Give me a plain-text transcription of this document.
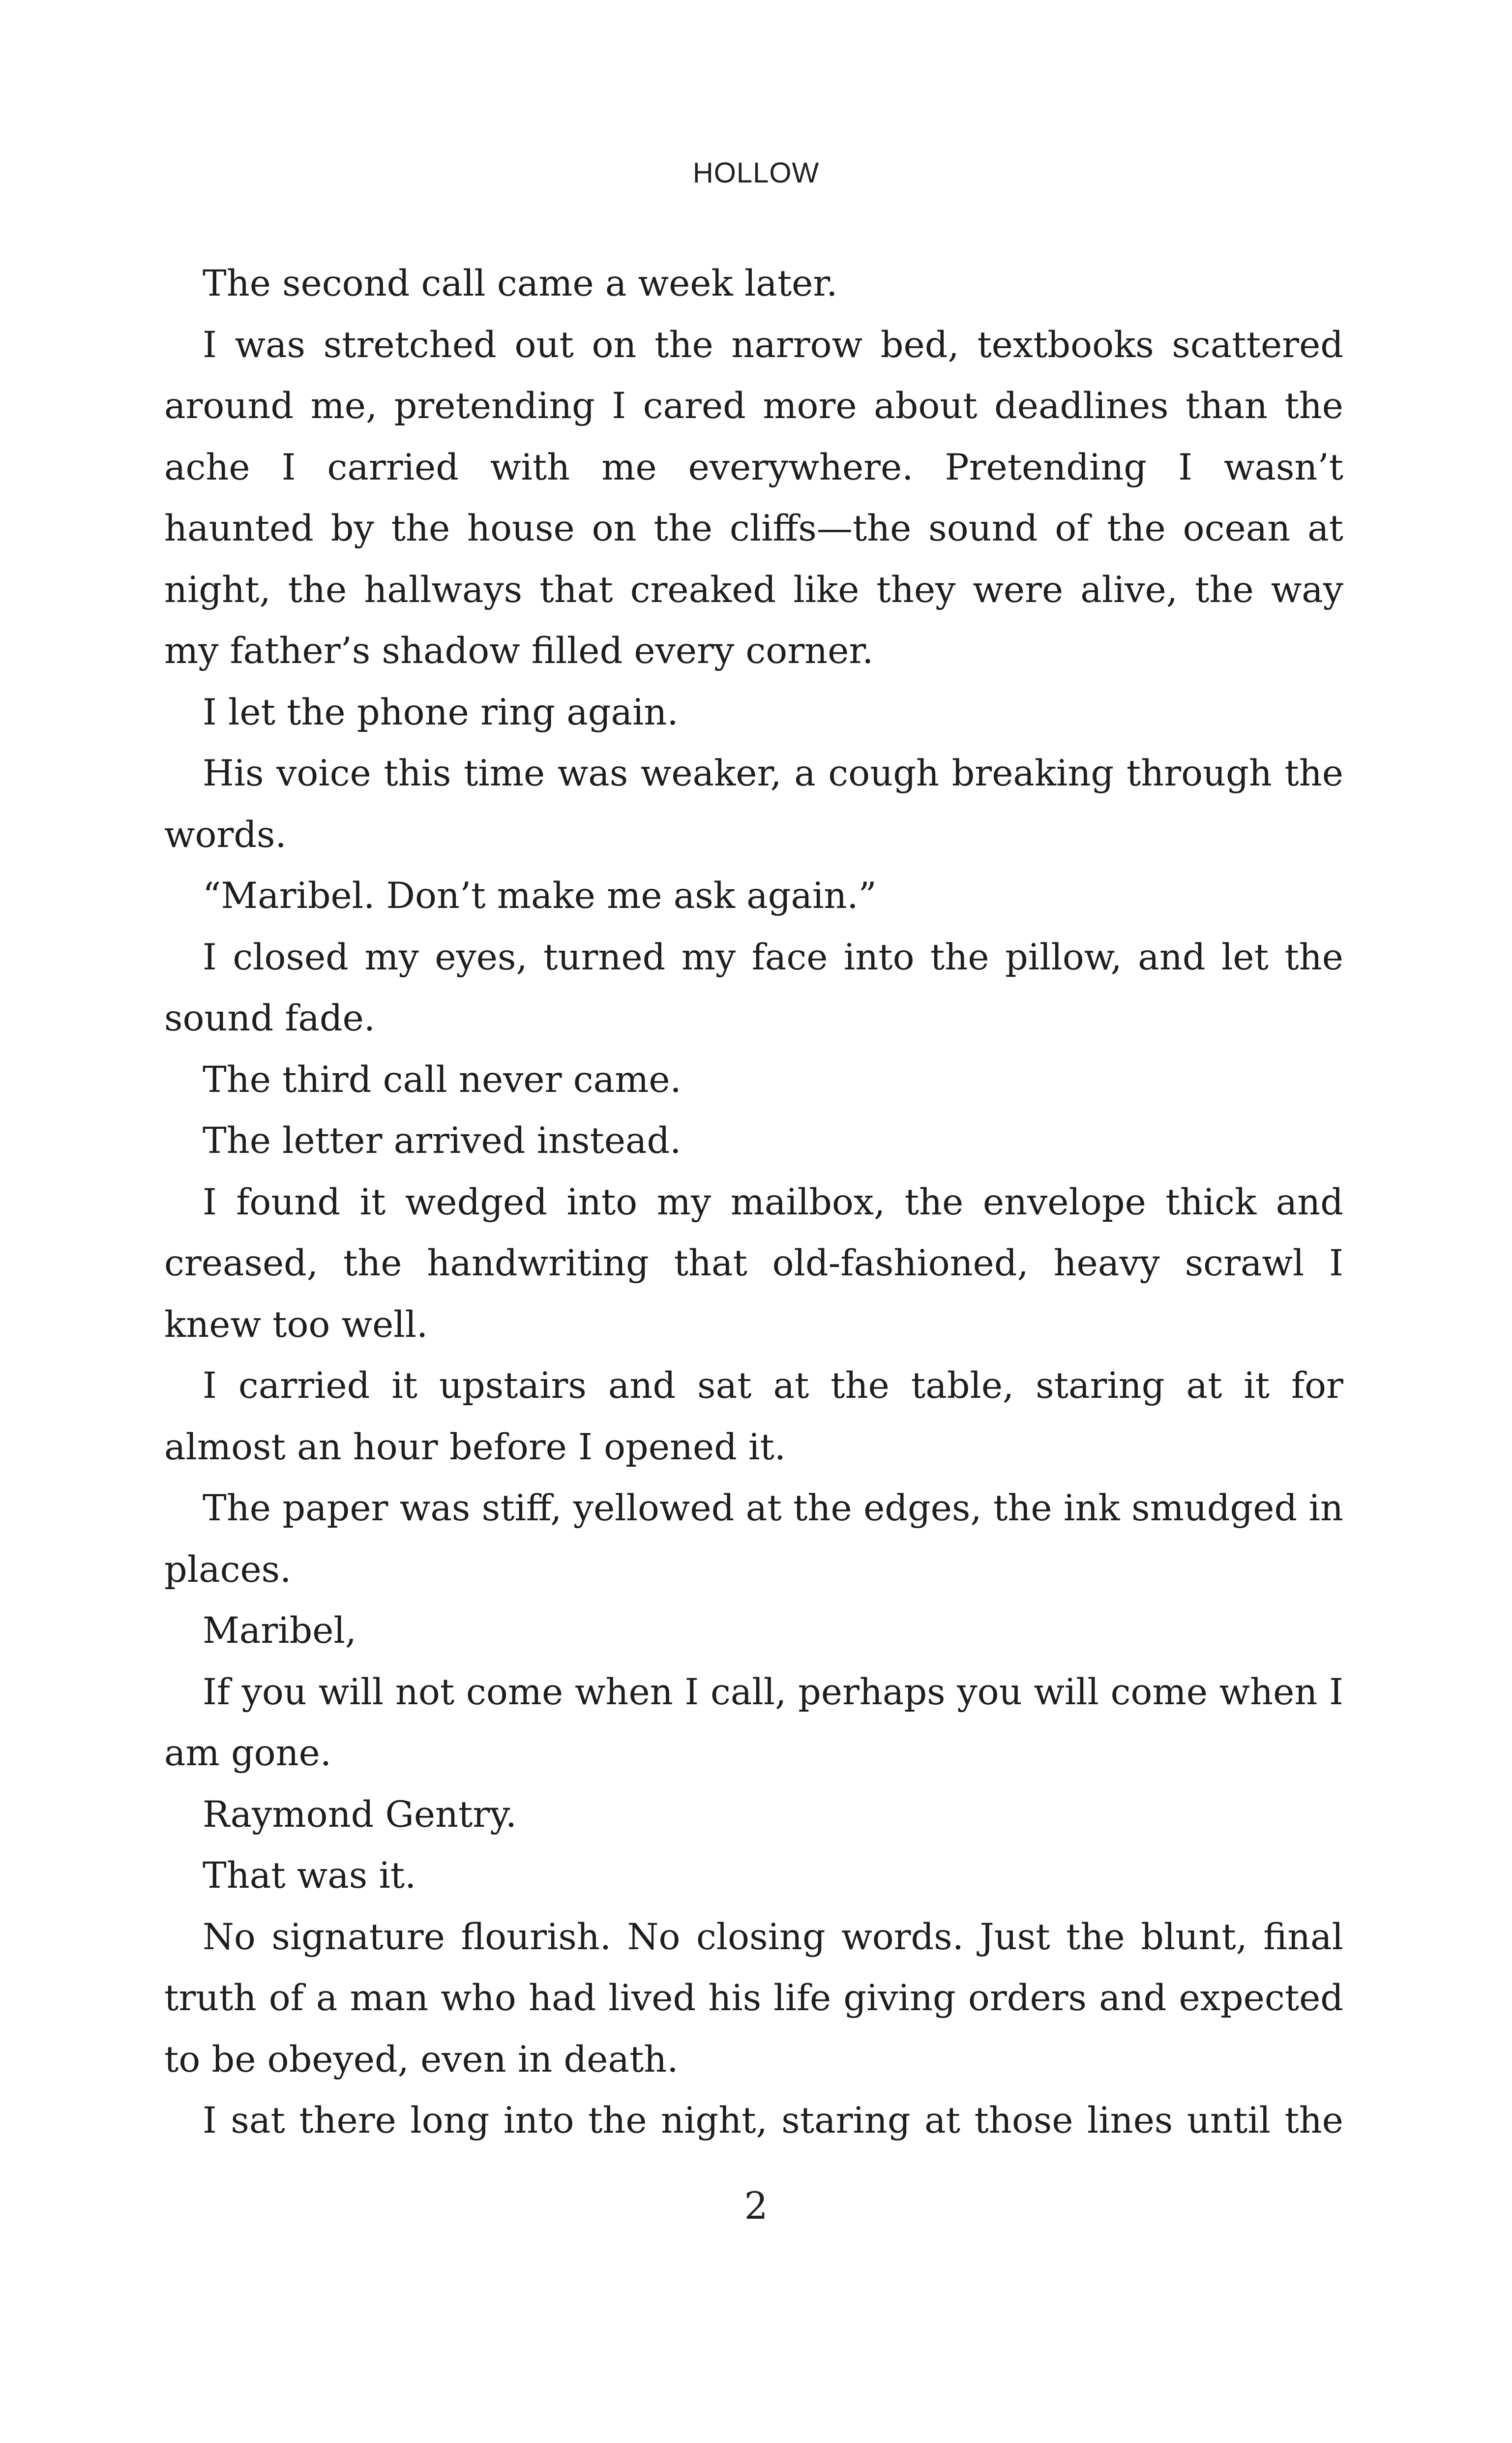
HOLLOW

The second call came a week later.

I was stretched out on the narrow bed, textbooks scattered around me, pretending I cared more about deadlines than the ache I carried with me everywhere. Pretending I wasn’t haunted by the house on the cliffs—the sound of the ocean at night, the hallways that creaked like they were alive, the way my father’s shadow filled every corner.

I let the phone ring again.

His voice this time was weaker, a cough breaking through the words.

“Maribel. Don’t make me ask again.”

I closed my eyes, turned my face into the pillow, and let the sound fade.

The third call never came.

The letter arrived instead.

I found it wedged into my mailbox, the envelope thick and creased, the handwriting that old-fashioned, heavy scrawl I knew too well.

I carried it upstairs and sat at the table, staring at it for almost an hour before I opened it.

The paper was stiff, yellowed at the edges, the ink smudged in places.

Maribel,

If you will not come when I call, perhaps you will come when I am gone.

Raymond Gentry.

That was it.

No signature flourish. No closing words. Just the blunt, final truth of a man who had lived his life giving orders and expected to be obeyed, even in death.

I sat there long into the night, staring at those lines until the

2
